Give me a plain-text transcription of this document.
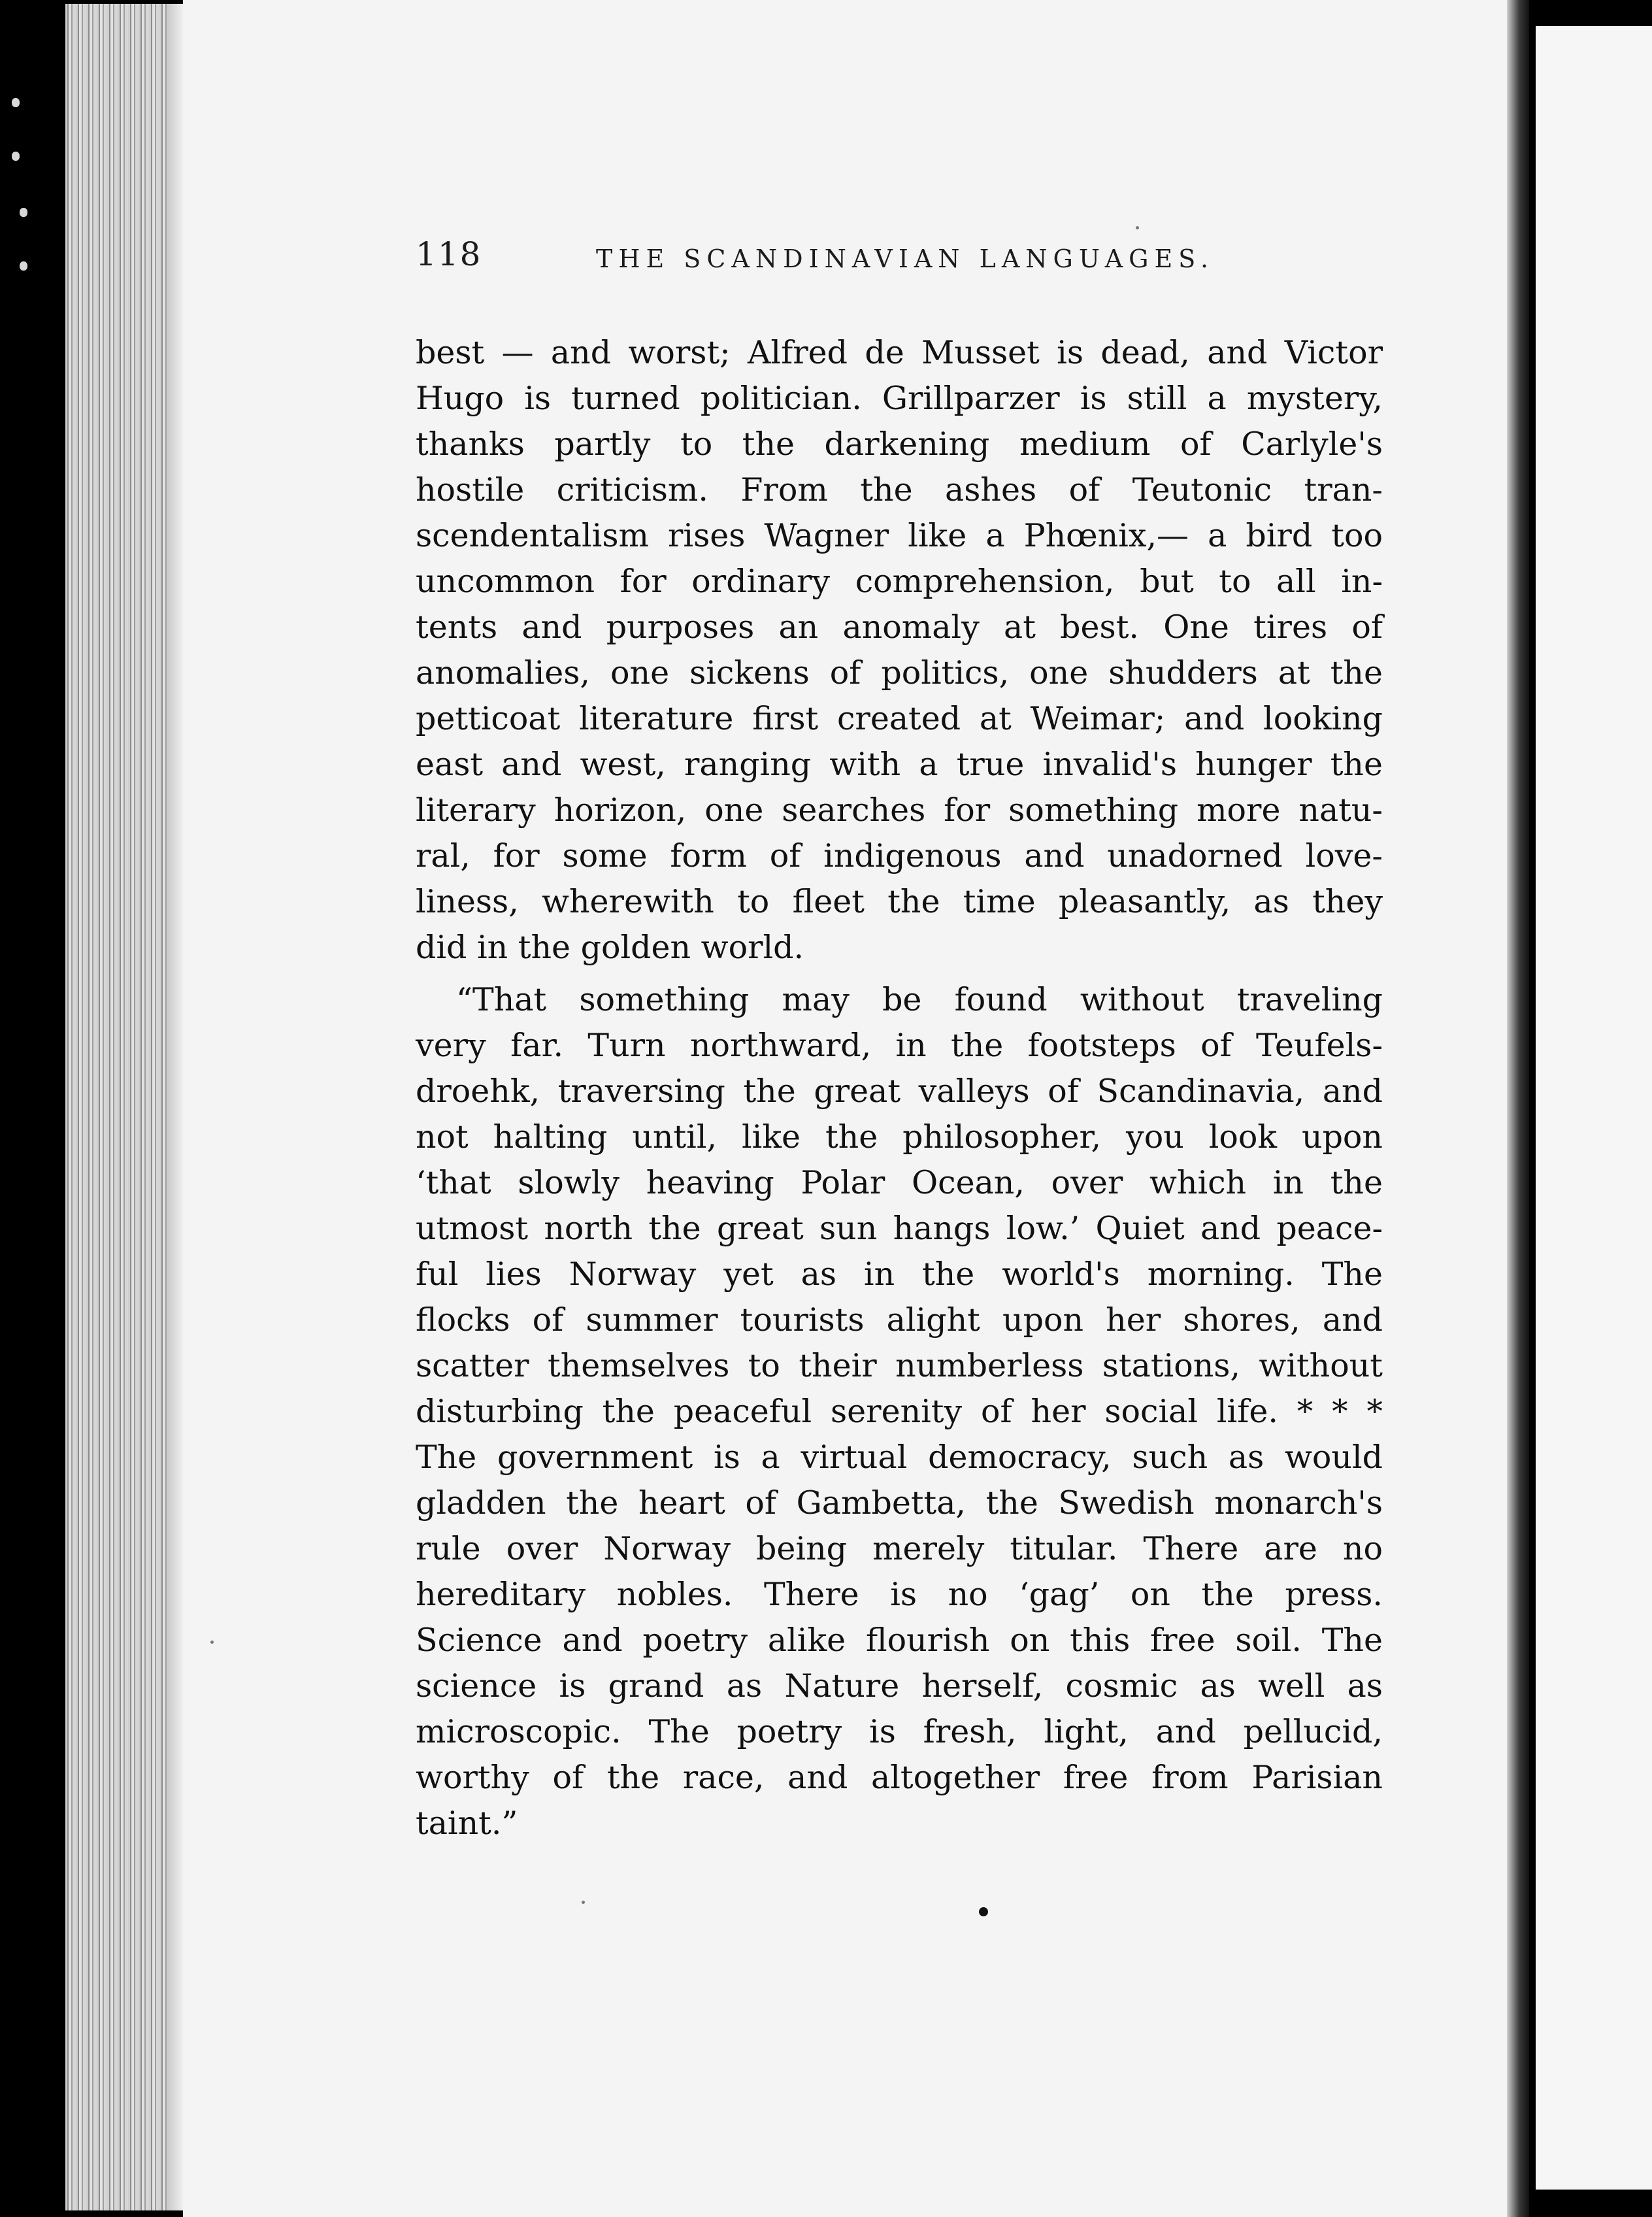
118	THE SCANDINAVIAN LANGUAGES.
best — and worst; Alfred de Musset is dead, and Victor
Hugo is turned politician. Grillparzer is still a mystery,
thanks partly to the darkening medium of Carlyle's
hostile criticism. From the ashes of Teutonic tran-
scendentalism rises Wagner like a Phœnix,— a bird too
uncommon for ordinary comprehension, but to all in-
tents and purposes an anomaly at best. One tires of
anomalies, one sickens of politics, one shudders at the
petticoat literature first created at Weimar; and looking
east and west, ranging with a true invalid's hunger the
literary horizon, one searches for something more natu-
ral, for some form of indigenous and unadorned love-
liness, wherewith to fleet the time pleasantly, as they
did in the golden world.
“That something may be found without traveling
very far. Turn northward, in the footsteps of Teufels-
droehk, traversing the great valleys of Scandinavia, and
not halting until, like the philosopher, you look upon
‘that slowly heaving Polar Ocean, over which in the
utmost north the great sun hangs low.’ Quiet and peace-
ful lies Norway yet as in the world's morning. The
flocks of summer tourists alight upon her shores, and
scatter themselves to their numberless stations, without
disturbing the peaceful serenity of her social life. * * *
The government is a virtual democracy, such as would
gladden the heart of Gambetta, the Swedish monarch's
rule over Norway being merely titular. There are no
hereditary nobles. There is no ‘gag’ on the press.
Science and poetry alike flourish on this free soil. The
science is grand as Nature herself, cosmic as well as
microscopic. The poetry is fresh, light, and pellucid,
worthy of the race, and altogether free from Parisian
taint.”
